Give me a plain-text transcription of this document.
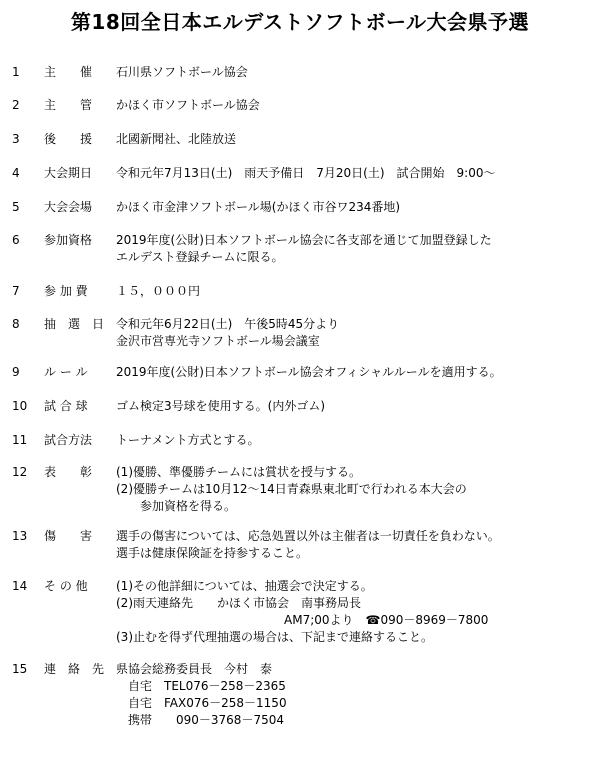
第18回全日本エルデストソフトボール大会県予選
1	主　　催 石川県ソフトボール協会
2	主　　管 かほく市ソフトボール協会
3	後　　援 北國新聞社、北陸放送
4	大会期日 令和元年7月13日(土)　雨天予備日　7月20日(土)　試合開始　9:00～
5	大会会場 かほく市金津ソフトボール場(かほく市谷ワ234番地)
6	参加資格 2019年度(公財)日本ソフトボール協会に各支部を通じて加盟登録した
エルデスト登録チームに限る。
7	参 加 費 １５，０００円
8	抽　選　日 令和元年6月22日(土)　午後5時45分より
金沢市営専光寺ソフトボール場会議室
9	ル ー ル 2019年度(公財)日本ソフトボール協会オフィシャルルールを適用する。
10	試 合 球 ゴム検定3号球を使用する。(内外ゴム)
11	試合方法 トーナメント方式とする。
12	表　　彰 (1)優勝、準優勝チームには賞状を授与する。
(2)優勝チームは10月12～14日青森県東北町で行われる本大会の
　　参加資格を得る。
13	傷　　害 選手の傷害については、応急処置以外は主催者は一切責任を負わない。
選手は健康保険証を持参すること。
14	そ の 他 (1)その他詳細については、抽選会で決定する。
(2)雨天連絡先　　かほく市協会　南事務局長
　　　　　　　　　　　　　　AM7;00より　☎090－8969－7800
(3)止むを得ず代理抽選の場合は、下記まで連絡すること。
15	連　絡　先 県協会総務委員長　今村　泰
　自宅　TEL076－258－2365
　自宅　FAX076－258－1150
　携帯　　090－3768－7504
